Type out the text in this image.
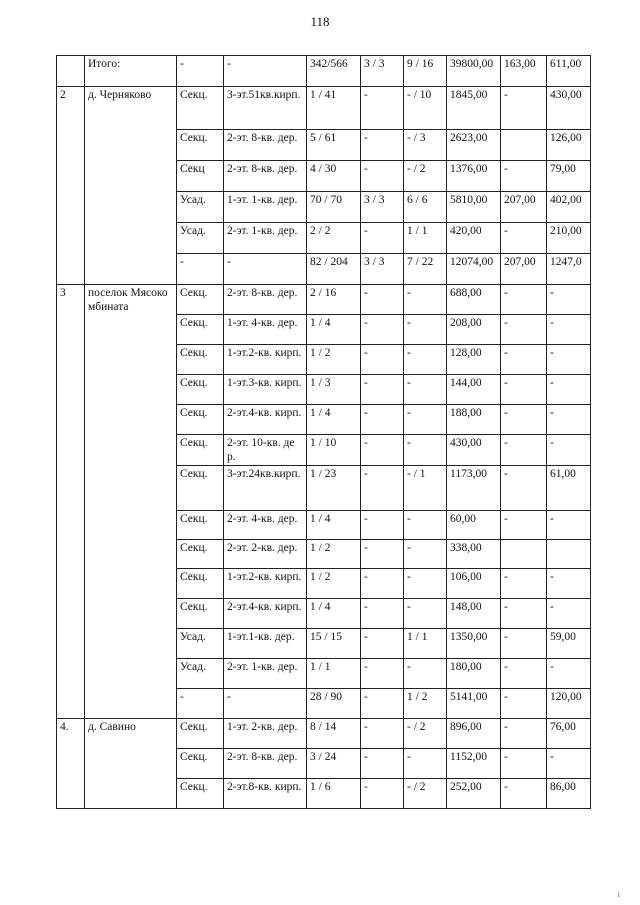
118
	Итого:	-	-	342/566	3 / 3	9 / 16	39800,00	163,00	611,00
2	д. Черняково	Секц.	3-эт.51кв.кирп.	1 / 41	-	- / 10	1845,00	-	430,00
		Секц.	2-эт. 8-кв. дер.	5 / 61	-	- / 3	2623,00		126,00
		Секц	2-эт. 8-кв. дер.	4 / 30	-	- / 2	1376,00	-	79,00
		Усад.	1-эт. 1-кв. дер.	70 / 70	3 / 3	6 / 6	5810,00	207,00	402,00
		Усад.	2-эт. 1-кв. дер.	2 / 2	-	1 / 1	420,00	-	210,00
		-	-	82 / 204	3 / 3	7 / 22	12074,00	207,00	1247,0
3	поселок Мясокомбината	Секц.	2-эт. 8-кв. дер.	2 / 16	-	-	688,00	-	-
		Секц.	1-эт. 4-кв. дер.	1 / 4	-	-	208,00	-	-
		Секц.	1-эт.2-кв. кирп.	1 / 2	-	-	128,00	-	-
		Секц.	1-эт.3-кв. кирп.	1 / 3	-	-	144,00	-	-
		Секц.	2-эт.4-кв. кирп.	1 / 4	-	-	188,00	-	-
		Секц.	2-эт. 10-кв. дер.	1 / 10	-	-	430,00	-	-
		Секц.	3-эт.24кв.кирп.	1 / 23	-	- / 1	1173,00	-	61,00
		Секц.	2-эт. 4-кв. дер.	1 / 4	-	-	60,00	-	-
		Секц.	2-эт. 2-кв. дер.	1 / 2	-	-	338,00		
		Секц.	1-эт.2-кв. кирп.	1 / 2	-	-	106,00	-	-
		Секц.	2-эт.4-кв. кирп.	1 / 4	-	-	148,00	-	-
		Усад.	1-эт.1-кв. дер.	15 / 15	-	1 / 1	1350,00	-	59,00
		Усад.	2-эт. 1-кв. дер.	1 / 1	-	-	180,00	-	-
		-	-	28 / 90	-	1 / 2	5141,00	-	120,00
4.	д. Савино	Секц.	1-эт. 2-кв. дер.	8 / 14	-	- / 2	896,00	-	76,00
		Секц.	2-эт. 8-кв. дер.	3 / 24	-	-	1152,00	-	-
		Секц.	2-эт.8-кв. кирп.	1 / 6	-	- / 2	252,00	-	86,00
ı
